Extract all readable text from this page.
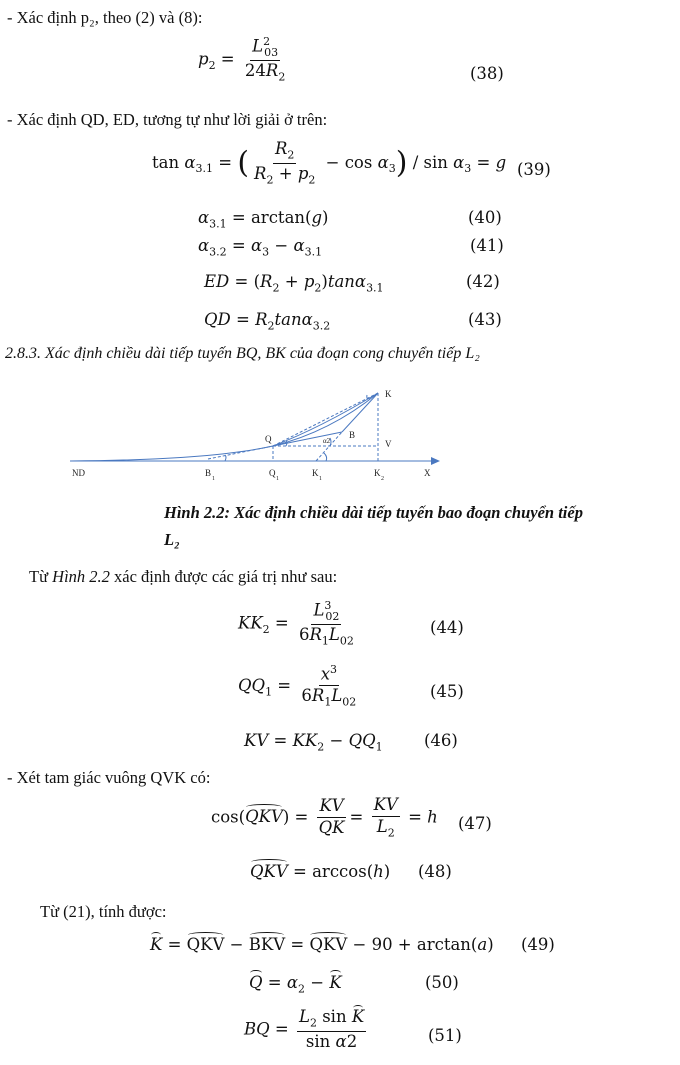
- Xác định p₂, theo (2) và (8):
$p_2 = \frac{L^2_{03}}{24R_2}$	(38)
- Xác định QD, ED, tương tự như lời giải ở trên:
$\tan \alpha_{3.1}$ = ( $\frac{R_2}{R_2 + p_2} - \cos \alpha_3) / \sin \alpha_3 = g$ (39)
$\alpha_{3.1} = \arctan(g)$	(40)
$\alpha_{3.2} = \alpha_3 - \alpha_{3.1}$	(41)
ED = $(R_2 + p_2)\tan\alpha_{3.1}$	(42)
QD = $R_2\tan\alpha_{3.2}$	(43)
2.8.3. Xác định chiều dài tiếp tuyến BQ, BK của đoạn cong chuyển tiếp L₂
ND	B
1
Q
1
K
1
K
2
X
Q	B
K
V
α2
Hình 2.2: Xác định chiều dài tiếp tuyến bao đoạn chuyển tiếp
L₂
Từ Hình 2.2 xác định được các giá trị như sau:
$KK_2 = \frac{L^3_{02}}{6R_1L_{02}}$	(44)
$QQ_1 = \frac{x^3}{6R_1L_{02}}$	(45)
KV = $KK_2 - QQ_1$	(46)
- Xét tam giác vuông QVK có:
$\cos(QKV) = \frac{KV}{QK} = \frac{KV}{L_2} = h$ (47)
QKV = arccos(h) (48)
Từ (21), tính được:
K = QKV − BKV = QKV − 90 + arctan(a) (49)
$Q = \alpha_2 - K$	(50)
BQ = $\frac{L_2 \sin K}{\text{sin α2}}$	(51)
